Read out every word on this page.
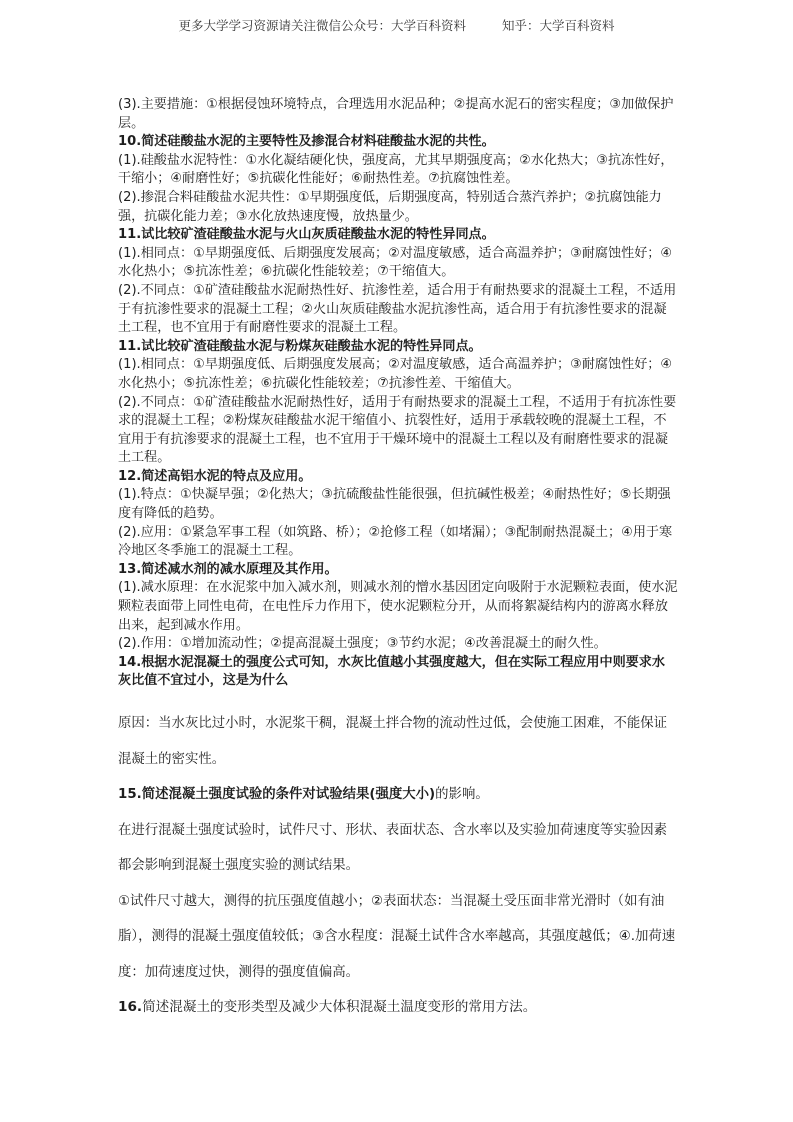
更多大学学习资源请关注微信公众号：大学百科资料	知乎：大学百科资料

(3).主要措施：①根据侵蚀环境特点，合理选用水泥品种；②提高水泥石的密实程度；③加做保护层。

10.简述硅酸盐水泥的主要特性及掺混合材料硅酸盐水泥的共性。

(1).硅酸盐水泥特性：①水化凝结硬化快，强度高，尤其早期强度高；②水化热大；③抗冻性好，干缩小；④耐磨性好；⑤抗碳化性能好；⑥耐热性差。⑦抗腐蚀性差。

(2).掺混合料硅酸盐水泥共性：①早期强度低，后期强度高，特别适合蒸汽养护；②抗腐蚀能力强，抗碳化能力差；③水化放热速度慢，放热量少。

11.试比较矿渣硅酸盐水泥与火山灰质硅酸盐水泥的特性异同点。

(1).相同点：①早期强度低、后期强度发展高；②对温度敏感，适合高温养护；③耐腐蚀性好；④水化热小；⑤抗冻性差；⑥抗碳化性能较差；⑦干缩值大。

(2).不同点：①矿渣硅酸盐水泥耐热性好、抗渗性差，适合用于有耐热要求的混凝土工程，不适用于有抗渗性要求的混凝土工程；②火山灰质硅酸盐水泥抗渗性高，适合用于有抗渗性要求的混凝土工程，也不宜用于有耐磨性要求的混凝土工程。

11.试比较矿渣硅酸盐水泥与粉煤灰硅酸盐水泥的特性异同点。

(1).相同点：①早期强度低、后期强度发展高；②对温度敏感，适合高温养护；③耐腐蚀性好；④水化热小；⑤抗冻性差；⑥抗碳化性能较差；⑦抗渗性差、干缩值大。

(2).不同点：①矿渣硅酸盐水泥耐热性好，适用于有耐热要求的混凝土工程，不适用于有抗冻性要求的混凝土工程；②粉煤灰硅酸盐水泥干缩值小、抗裂性好，适用于承载较晚的混凝土工程，不宜用于有抗渗要求的混凝土工程，也不宜用于干燥环境中的混凝土工程以及有耐磨性要求的混凝土工程。

12.简述高铝水泥的特点及应用。

(1).特点：①快凝早强；②化热大；③抗硫酸盐性能很强，但抗碱性极差；④耐热性好；⑤长期强度有降低的趋势。

(2).应用：①紧急军事工程（如筑路、桥）；②抢修工程（如堵漏）；③配制耐热混凝土；④用于寒冷地区冬季施工的混凝土工程。

13.简述减水剂的减水原理及其作用。

(1).减水原理：在水泥浆中加入减水剂，则减水剂的憎水基因团定向吸附于水泥颗粒表面，使水泥颗粒表面带上同性电荷，在电性斥力作用下，使水泥颗粒分开，从而将絮凝结构内的游离水释放出来，起到减水作用。

(2).作用：①增加流动性；②提高混凝土强度；③节约水泥；④改善混凝土的耐久性。

14.根据水泥混凝土的强度公式可知，水灰比值越小其强度越大，但在实际工程应用中则要求水灰比值不宜过小，这是为什么

原因：当水灰比过小时，水泥浆干稠，混凝土拌合物的流动性过低，会使施工困难，不能保证混凝土的密实性。

15.简述混凝土强度试验的条件对试验结果(强度大小)的影响。

在进行混凝土强度试验时，试件尺寸、形状、表面状态、含水率以及实验加荷速度等实验因素都会影响到混凝土强度实验的测试结果。

①试件尺寸越大，测得的抗压强度值越小；②表面状态：当混凝土受压面非常光滑时（如有油脂），测得的混凝土强度值较低；③含水程度：混凝土试件含水率越高，其强度越低；④.加荷速度：加荷速度过快，测得的强度值偏高。

16.简述混凝土的变形类型及减少大体积混凝土温度变形的常用方法。
